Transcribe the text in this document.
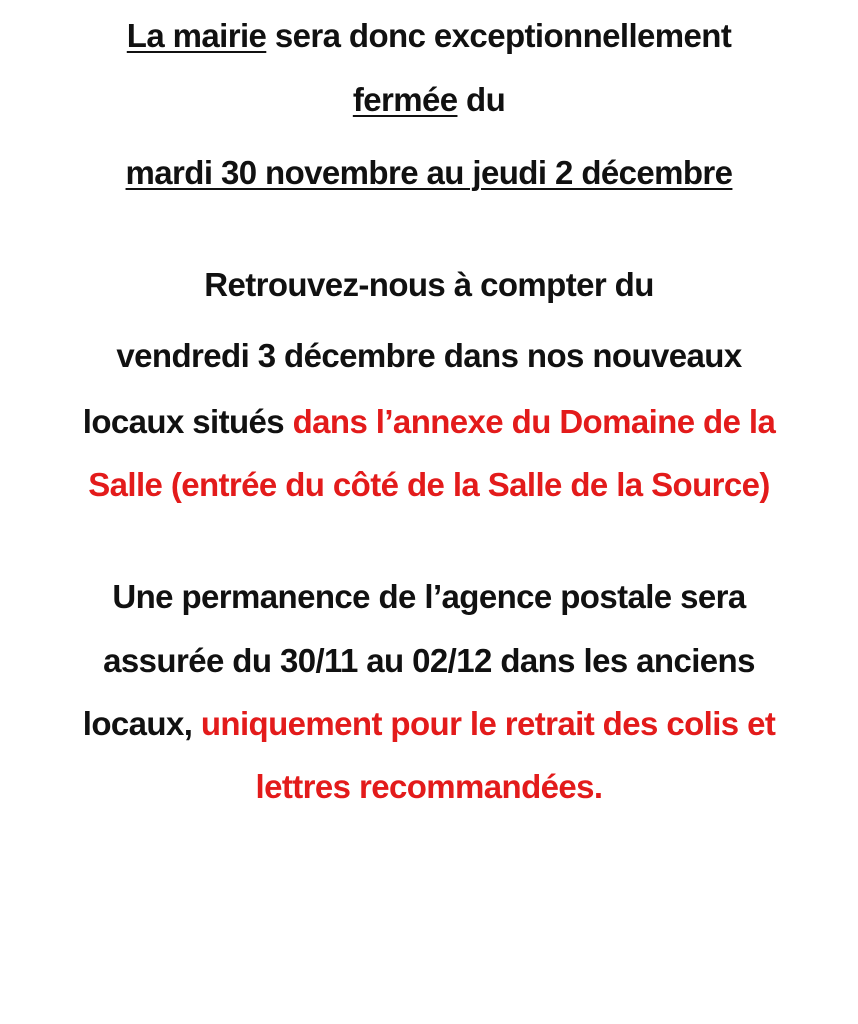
La mairie sera donc exceptionnellement
fermée du
mardi 30 novembre au jeudi 2 décembre
Retrouvez-nous à compter du
vendredi 3 décembre dans nos nouveaux
locaux situés dans l’annexe du Domaine de la
Salle (entrée du côté de la Salle de la Source)
Une permanence de l’agence postale sera
assurée du 30/11 au 02/12 dans les anciens
locaux, uniquement pour le retrait des colis et
lettres recommandées.
